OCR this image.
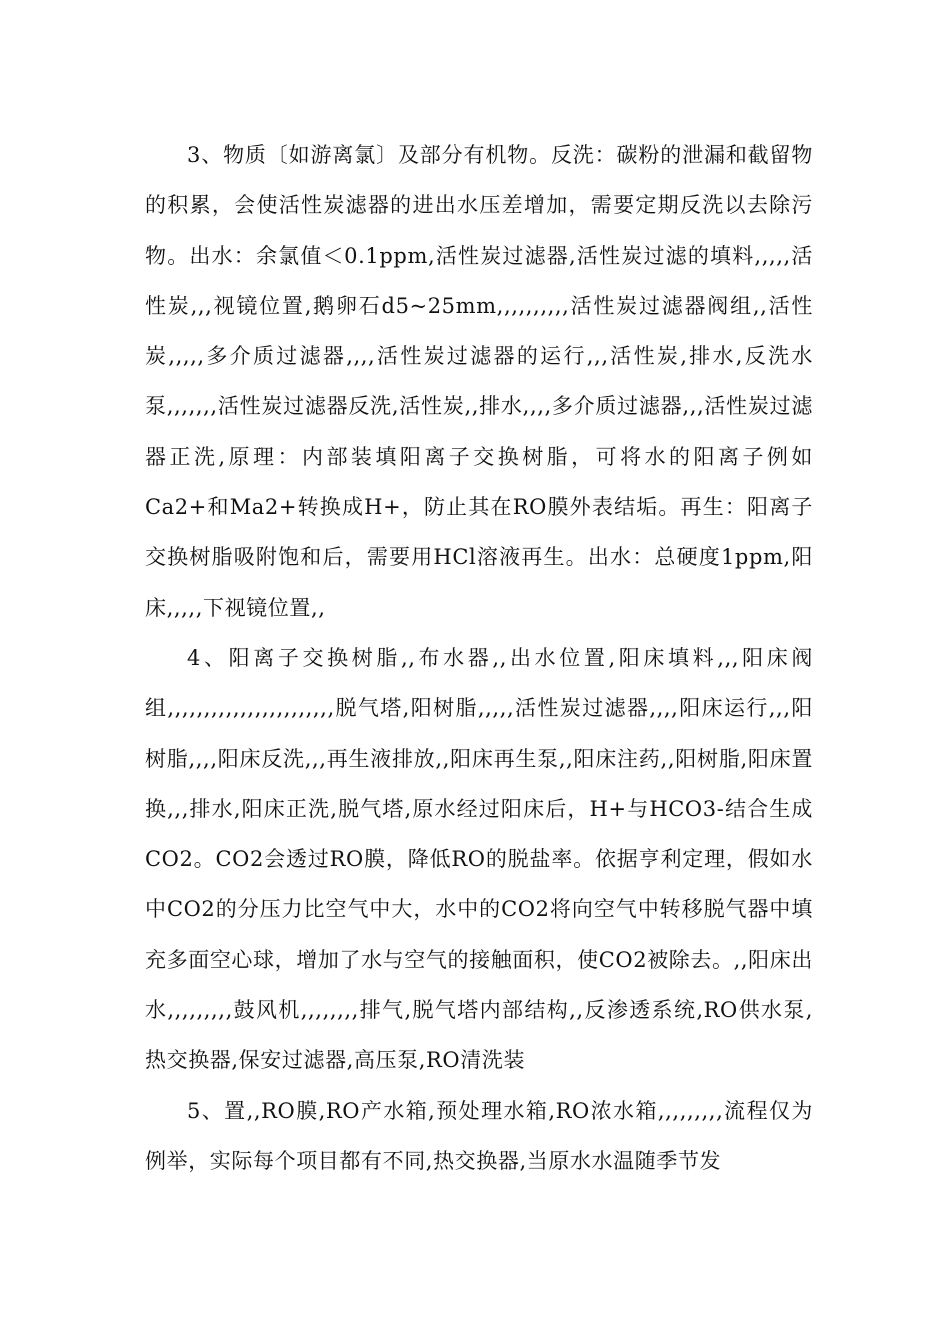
3、物质〔如游离氯〕及部分有机物。反洗：碳粉的泄漏和截留物的积累，会使活性炭滤器的进出水压差增加，需要定期反洗以去除污物。出水：余氯值＜0.1ppm,活性炭过滤器,活性炭过滤的填料,,,,,活性炭,,,视镜位置,鹅卵石d5~25mm,,,,,,,,,,活性炭过滤器阀组,,活性炭,,,,,多介质过滤器,,,,活性炭过滤器的运行,,,活性炭,排水,反洗水泵,,,,,,,活性炭过滤器反洗,活性炭,,排水,,,,多介质过滤器,,,活性炭过滤器正洗,原理：内部装填阳离子交换树脂，可将水的阳离子例如Ca2+和Ma2+转换成H+，防止其在RO膜外表结垢。再生：阳离子交换树脂吸附饱和后，需要用HCl溶液再生。出水：总硬度1ppm,阳床,,,,,下视镜位置,,

4、阳离子交换树脂,,布水器,,出水位置,阳床填料,,,阳床阀组,,,,,,,,,,,,,,,,,,,,,,,脱气塔,阳树脂,,,,,活性炭过滤器,,,,阳床运行,,,阳树脂,,,,阳床反洗,,,再生液排放,,阳床再生泵,,阳床注药,,阳树脂,阳床置换,,,排水,阳床正洗,脱气塔,原水经过阳床后，H+与HCO3-结合生成CO2。CO2会透过RO膜，降低RO的脱盐率。依据亨利定理，假如水中CO2的分压力比空气中大，水中的CO2将向空气中转移脱气器中填充多面空心球，增加了水与空气的接触面积，使CO2被除去。,,阳床出水,,,,,,,,,鼓风机,,,,,,,,排气,脱气塔内部结构,,反渗透系统,RO供水泵,热交换器,保安过滤器,高压泵,RO清洗装

5、置,,RO膜,RO产水箱,预处理水箱,RO浓水箱,,,,,,,,,流程仅为例举，实际每个项目都有不同,热交换器,当原水水温随季节发
